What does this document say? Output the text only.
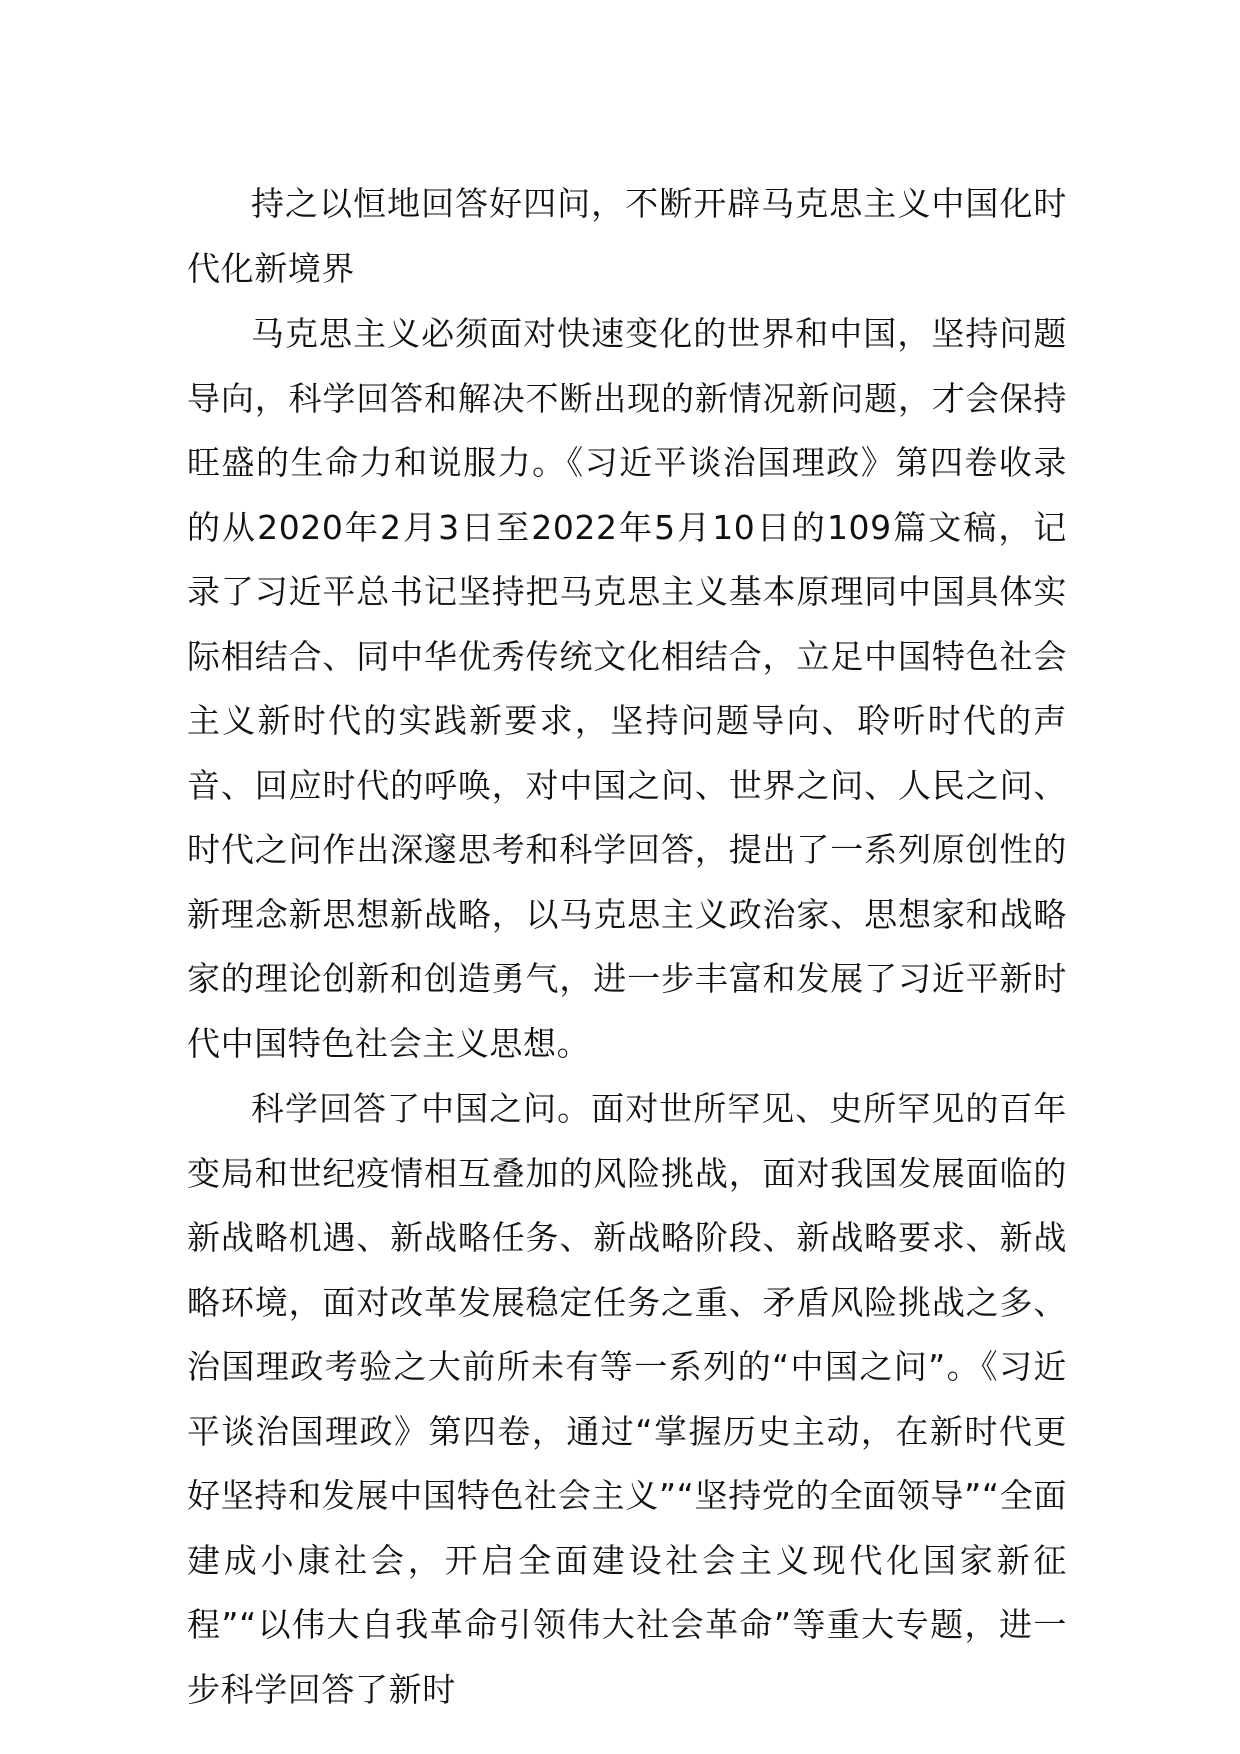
持之以恒地回答好四问，不断开辟马克思主义中国化时代化新境界

马克思主义必须面对快速变化的世界和中国，坚持问题导向，科学回答和解决不断出现的新情况新问题，才会保持旺盛的生命力和说服力。《习近平谈治国理政》第四卷收录的从2020年2月3日至2022年5月10日的109篇文稿，记录了习近平总书记坚持把马克思主义基本原理同中国具体实际相结合、同中华优秀传统文化相结合，立足中国特色社会主义新时代的实践新要求，坚持问题导向、聆听时代的声音、回应时代的呼唤，对中国之问、世界之问、人民之问、时代之问作出深邃思考和科学回答，提出了一系列原创性的新理念新思想新战略，以马克思主义政治家、思想家和战略家的理论创新和创造勇气，进一步丰富和发展了习近平新时代中国特色社会主义思想。

科学回答了中国之问。面对世所罕见、史所罕见的百年变局和世纪疫情相互叠加的风险挑战，面对我国发展面临的新战略机遇、新战略任务、新战略阶段、新战略要求、新战略环境，面对改革发展稳定任务之重、矛盾风险挑战之多、治国理政考验之大前所未有等一系列的“中国之问”。《习近平谈治国理政》第四卷，通过“掌握历史主动，在新时代更好坚持和发展中国特色社会主义”“坚持党的全面领导”“全面建成小康社会，开启全面建设社会主义现代化国家新征程”“以伟大自我革命引领伟大社会革命”等重大专题，进一步科学回答了新时
